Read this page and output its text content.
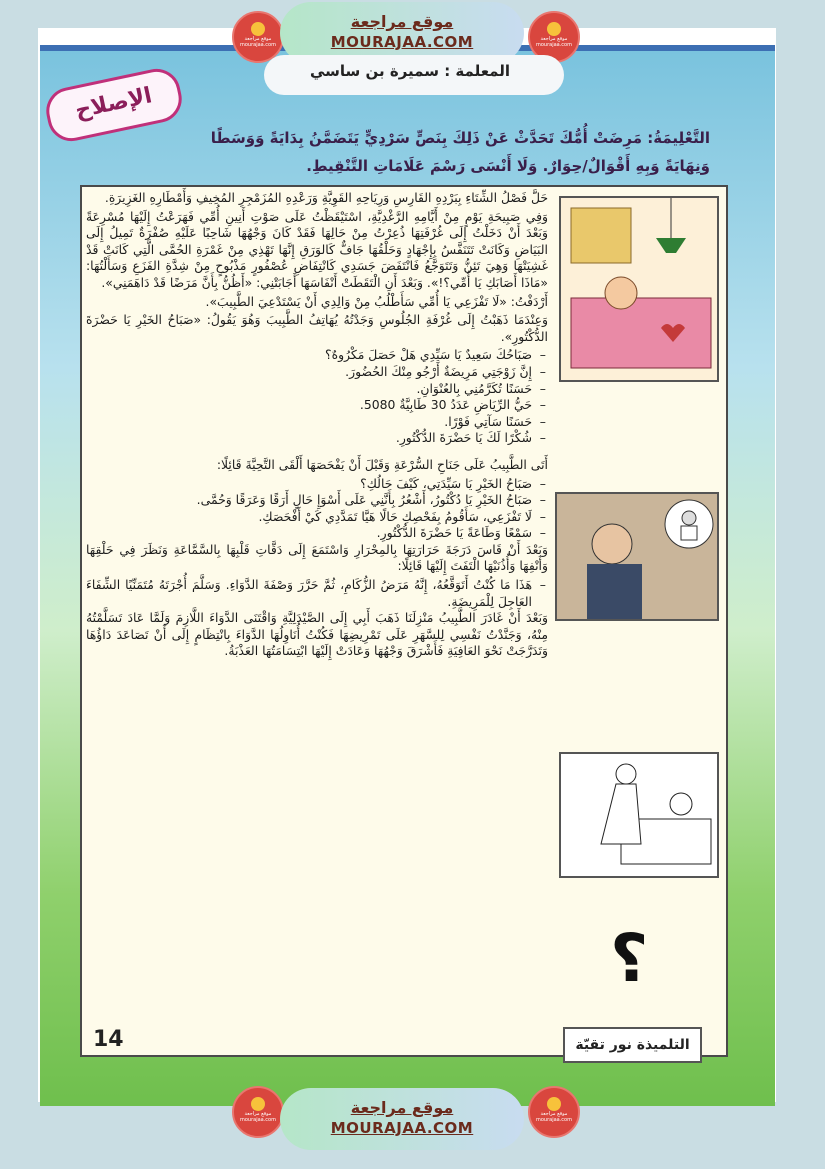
موقع مراجعة mourajaa.com
موقع مراجعة
MOURAJAA.COM	موقع مراجعة mourajaa.com
المعلمة : سميرة بن ساسي
الإصلاح
التَّعْلِيمَةُ: مَرِضَتْ أُمُّكَ تَحَدَّثْ عَنْ ذَلِكَ بِنَصٍّ سَرْدِيٍّ يَتَضَمَّنُ بِدَايَةً وَوَسَطًا وَنِهَايَةً وَبِهِ أَقْوَالٌ/حِوَارٌ. وَلَا أَنْسَى رَسْمَ عَلَامَاتِ التَّنْقِيطِ.

حَلَّ فَصْلُ الشِّتَاءِ بِبَرْدِهِ القَارِسِ وَرِيَاحِهِ القَوِيَّةِ وَرَعْدِهِ المُزَمْجِرِ المُخِيفِ وَأَمْطَارِهِ الغَزِيرَةِ.

وَفِي صَبِيحَةِ يَوْمٍ مِنْ أَيَّامِهِ الرَّغْدِيَّةِ، اسْتَيْقَظْتُ عَلَى صَوْتِ أَنِينِ أُمِّي فَهَرَعْتُ إِلَيْهَا مُسْرِعَةً وَبَعْدَ أَنْ دَخَلْتُ إِلَى غُرْفَتِهَا ذُعِرْتُ مِنْ حَالِهَا فَقَدْ كَانَ وَجْهُهَا شَاحِبًا عَلَيْهِ صُفْرَةٌ تَمِيلُ إِلَى البَيَاضِ وَكَانَتْ تَتَنَفَّسُ بِإِجْهَادٍ وَحَلْقُهَا جَافٌّ كَالوَرَقِ إِنَّهَا تَهْذِي مِنْ غَمْرَةِ الحُمَّى الَّتِي كَانَتْ قَدْ غَشِيَتْهَا وَهِيَ تَئِنُّ وَتَتَوَجَّعُ فَانْتَفَضَ جَسَدِي كَانْتِفَاضِ عُصْفُورٍ مَذْبُوحٍ مِنْ شِدَّةِ الفَزَعِ وَسَأَلْتُهَا: «مَاذَا أَصَابَكِ يَا أُمِّي؟!». وَبَعْدَ أَنِ الْتَقَطَتْ أَنْفَاسَهَا أَجَابَتْنِي: «أَظُنُّ بِأَنَّ مَرَضًا قَدْ دَاهَمَنِي».

أَرْدَفْتُ: «لَا تَفْزَعِي يَا أُمِّي سَأَطْلُبُ مِنْ وَالِدِي أَنْ يَسْتَدْعِيَ الطَّبِيبَ».

وَعِنْدَمَا ذَهَبْتُ إِلَى غُرْفَةِ الجُلُوسِ وَجَدْتُهُ يُهَاتِفُ الطَّبِيبَ وَهُوَ يَقُولُ: «صَبَاحُ الخَيْرِ يَا حَضْرَةَ الدُّكْتُورِ».

– صَبَاحُكَ سَعِيدٌ يَا سَيِّدِي هَلْ حَصَلَ مَكْرُوهٌ؟
– إِنَّ زَوْجَتِي مَرِيضَةٌ أَرْجُو مِنْكَ الحُضُورَ.
– حَسَنًا تُكَرَّمُنِي بِالعُنْوَانِ.
– حَيُّ الرِّيَاضِ عَدَدُ 30 طَابِيَّةٌ 5080.
– حَسَنًا سَآتِي فَوْرًا.
– شُكْرًا لَكَ يَا حَضْرَةَ الدُّكْتُورِ.

أَتَى الطَّبِيبُ عَلَى جَنَاحِ السُّرْعَةِ وَقَبْلَ أَنْ يَفْحَصَهَا أَلْقَى التَّحِيَّةَ قَائِلًا:

– صَبَاحُ الخَيْرِ يَا سَيِّدَتِي، كَيْفَ حَالُكِ؟
– صَبَاحُ الخَيْرِ يَا دُكْتُورُ، أَشْعُرُ بِأَنَّنِي عَلَى أَسْوَإِ حَالٍ أَرَقًا وَعَرَقًا وَحُمَّى.
– لَا تَفْزَعِي، سَأَقُومُ بِفَحْصِكِ حَالًا هَيَّا تَمَدَّدِي كَيْ أَفْحَصَكِ.
– سَمْعًا وَطَاعَةً يَا حَضْرَةَ الدُّكْتُورِ.

وَبَعْدَ أَنْ قَاسَ دَرَجَةَ حَرَارَتِهَا بِالمِحْرَارِ وَاسْتَمَعَ إِلَى دَقَّاتِ قَلْبِهَا بِالسَّمَّاعَةِ وَنَظَرَ فِي حَلْقِهَا وَأَنْفِهَا وَأُذُنَيْهَا الْتَفَتَ إِلَيْهَا قَائِلًا:

– هَذَا مَا كُنْتُ أَتَوَقَّعُهُ، إِنَّهُ مَرَضُ الزُّكَامِ، ثُمَّ حَرَّرَ وَصْفَةَ الدَّوَاءِ. وَسَلَّمَ أُجْرَتَهُ مُتَمَنِّيًا الشِّفَاءَ العَاجِلَ لِلْمَرِيضَةِ.

وَبَعْدَ أَنْ غَادَرَ الطَّبِيبُ مَنْزِلَنَا ذَهَبَ أَبِي إِلَى الصَّيْدَلِيَّةِ وَاقْتَنَى الدَّوَاءَ اللَّازِمَ وَلَمَّا عَادَ تَسَلَّمْتُهُ مِنْهُ، وَجَنَّدْتُ نَفْسِي لِلسَّهَرِ عَلَى تَمْرِيضِهَا فَكُنْتُ أُنَاوِلُهَا الدَّوَاءَ بِانْتِظَامٍ إِلَى أَنْ تَصَاعَدَ دَاؤُهَا وَتَدَرَّجَتْ نَحْوَ العَافِيَةِ فَأَشْرَقَ وَجْهُهَا وَعَادَتْ إِلَيْهَا ابْتِسَامَتُهَا العَذْبَةُ.

؟
التلميذة نور تقيّة
14
موقع مراجعة mourajaa.com
موقع مراجعة
MOURAJAA.COM
موقع مراجعة mourajaa.com
